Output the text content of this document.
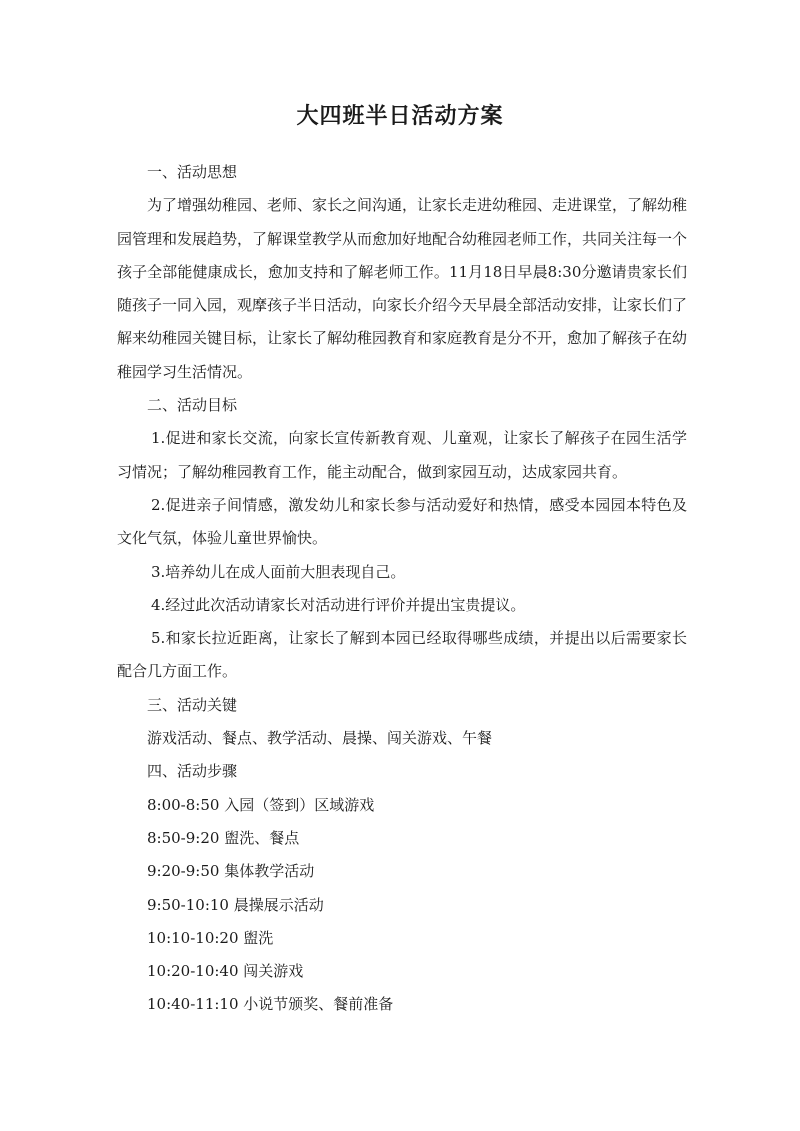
大四班半日活动方案

一、活动思想

为了增强幼稚园、老师、家长之间沟通，让家长走进幼稚园、走进课堂，了解幼稚园管理和发展趋势，了解课堂教学从而愈加好地配合幼稚园老师工作，共同关注每一个孩子全部能健康成长，愈加支持和了解老师工作。11月18日早晨8:30分邀请贵家长们随孩子一同入园，观摩孩子半日活动，向家长介绍今天早晨全部活动安排，让家长们了解来幼稚园关键目标，让家长了解幼稚园教育和家庭教育是分不开，愈加了解孩子在幼稚园学习生活情况。

二、活动目标

1.促进和家长交流，向家长宣传新教育观、儿童观，让家长了解孩子在园生活学习情况；了解幼稚园教育工作，能主动配合，做到家园互动，达成家园共育。

2.促进亲子间情感，激发幼儿和家长参与活动爱好和热情，感受本园园本特色及文化气氛，体验儿童世界愉快。

3.培养幼儿在成人面前大胆表现自己。

4.经过此次活动请家长对活动进行评价并提出宝贵提议。

5.和家长拉近距离，让家长了解到本园已经取得哪些成绩，并提出以后需要家长配合几方面工作。

三、活动关键

游戏活动、餐点、教学活动、晨操、闯关游戏、午餐

四、活动步骤

8:00-8:50 入园（签到）区域游戏

8:50-9:20 盥洗、餐点

9:20-9:50 集体教学活动

9:50-10:10 晨操展示活动

10:10-10:20 盥洗

10:20-10:40 闯关游戏

10:40-11:10 小说节颁奖、餐前准备
